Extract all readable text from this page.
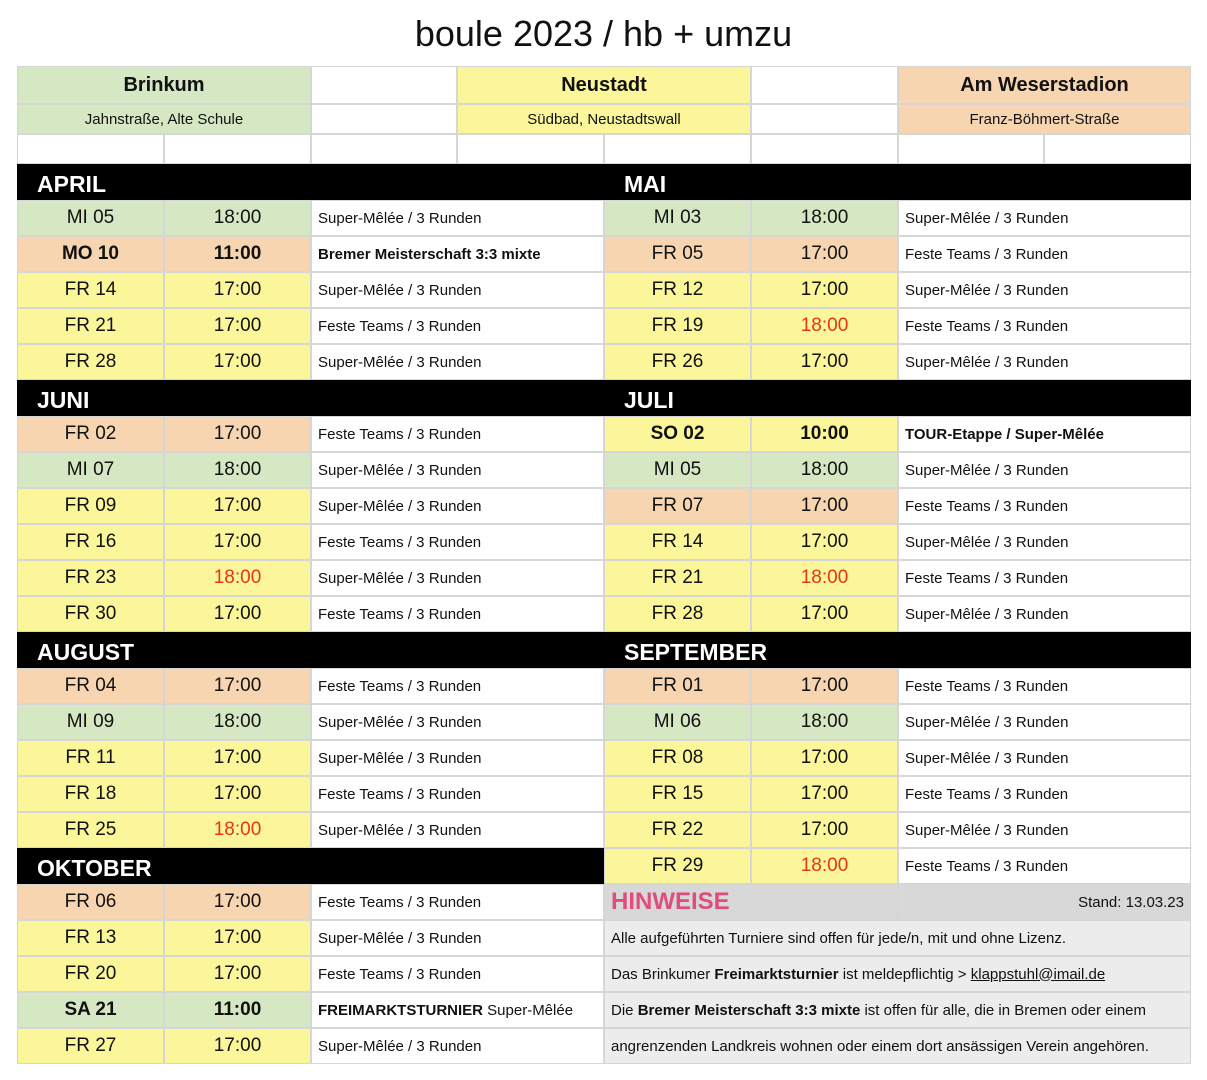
boule 2023 / hb + umzu
Brinkum
Jahnstraße, Alte Schule
Neustadt
Südbad, Neustadtswall
Am Weserstadion
Franz-Böhmert-Straße
APRIL
MI 05	18:00	Super-Mêlée / 3 Runden
MO 10	11:00	Bremer Meisterschaft 3:3 mixte
FR 14	17:00	Super-Mêlée / 3 Runden
FR 21	17:00	Feste Teams / 3 Runden
FR 28	17:00	Super-Mêlée / 3 Runden
MAI
MI 03	18:00	Super-Mêlée / 3 Runden
FR 05	17:00	Feste Teams / 3 Runden
FR 12	17:00	Super-Mêlée / 3 Runden
FR 19	18:00	Feste Teams / 3 Runden
FR 26	17:00	Super-Mêlée / 3 Runden
JUNI
FR 02	17:00	Feste Teams / 3 Runden
MI 07	18:00	Super-Mêlée / 3 Runden
FR 09	17:00	Super-Mêlée / 3 Runden
FR 16	17:00	Feste Teams / 3 Runden
FR 23	18:00	Super-Mêlée / 3 Runden
FR 30	17:00	Feste Teams / 3 Runden
JULI
SO 02	10:00	TOUR-Etappe / Super-Mêlée
MI 05	18:00	Super-Mêlée / 3 Runden
FR 07	17:00	Feste Teams / 3 Runden
FR 14	17:00	Super-Mêlée / 3 Runden
FR 21	18:00	Feste Teams / 3 Runden
FR 28	17:00	Super-Mêlée / 3 Runden
AUGUST
FR 04	17:00	Feste Teams / 3 Runden
MI 09	18:00	Super-Mêlée / 3 Runden
FR 11	17:00	Super-Mêlée / 3 Runden
FR 18	17:00	Feste Teams / 3 Runden
FR 25	18:00	Super-Mêlée / 3 Runden
SEPTEMBER
FR 01	17:00	Feste Teams / 3 Runden
MI 06	18:00	Super-Mêlée / 3 Runden
FR 08	17:00	Super-Mêlée / 3 Runden
FR 15	17:00	Feste Teams / 3 Runden
FR 22	17:00	Super-Mêlée / 3 Runden
FR 29	18:00	Feste Teams / 3 Runden
OKTOBER
FR 06	17:00	Feste Teams / 3 Runden
FR 13	17:00	Super-Mêlée / 3 Runden
FR 20	17:00	Feste Teams / 3 Runden
SA 21	11:00	FREIMARKTSTURNIER Super-Mêlée
FR 27	17:00	Super-Mêlée / 3 Runden
HINWEISE	Stand: 13.03.23
Alle aufgeführten Turniere sind offen für jede/n, mit und ohne Lizenz.
Das Brinkumer Freimarktsturnier ist meldepflichtig > klappstuhl@imail.de
Die Bremer Meisterschaft 3:3 mixte ist offen für alle, die in Bremen oder einem
angrenzenden Landkreis wohnen oder einem dort ansässigen Verein angehören.
